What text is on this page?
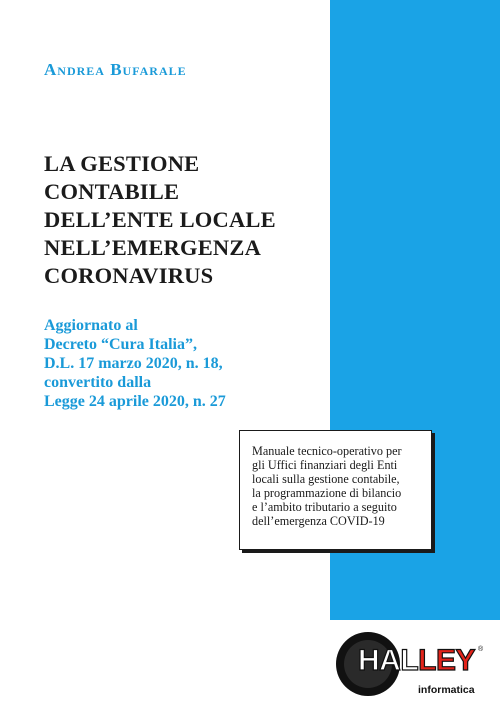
Andrea Bufarale
LA GESTIONE
CONTABILE
DELL’ENTE LOCALE
NELL’EMERGENZA
CORONAVIRUS
Aggiornato al
Decreto “Cura Italia”,
D.L. 17 marzo 2020, n. 18,
convertito dalla
Legge 24 aprile 2020, n. 27
Manuale tecnico-operativo per
gli Uffici finanziari degli Enti
locali sulla gestione contabile,
la programmazione di bilancio
e l’ambito tributario a seguito
dell’emergenza COVID-19
HALLEY ®
informatica
